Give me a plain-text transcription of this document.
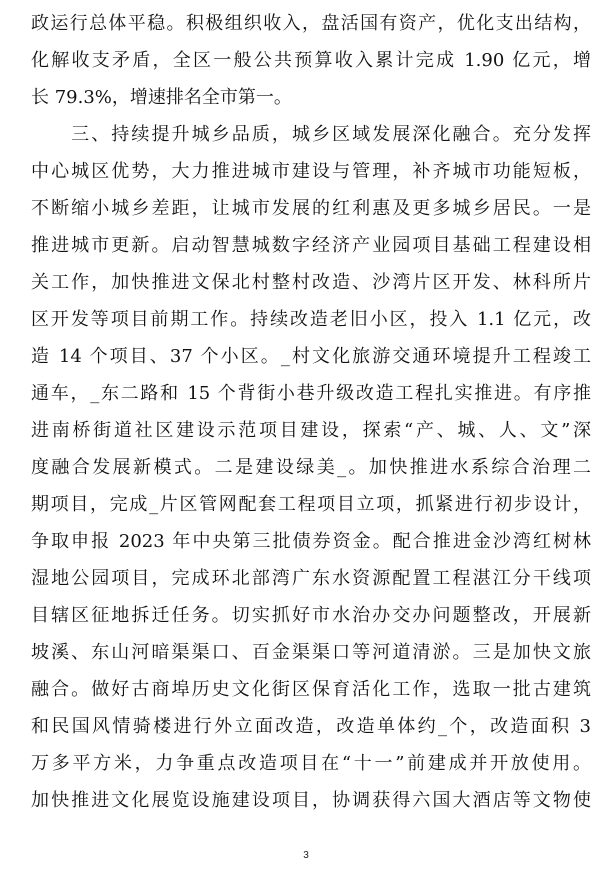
政运行总体平稳。积极组织收入，盘活国有资产，优化支出结构，
化解收支矛盾，全区一般公共预算收入累计完成 1.90 亿元，增
长 79.3%，增速排名全市第一。
　　三、持续提升城乡品质，城乡区域发展深化融合。充分发挥
中心城区优势，大力推进城市建设与管理，补齐城市功能短板，
不断缩小城乡差距，让城市发展的红利惠及更多城乡居民。一是
推进城市更新。启动智慧城数字经济产业园项目基础工程建设相
关工作，加快推进文保北村整村改造、沙湾片区开发、林科所片
区开发等项目前期工作。持续改造老旧小区，投入 1.1 亿元，改
造 14 个项目、37 个小区。_村文化旅游交通环境提升工程竣工
通车，_东二路和 15 个背街小巷升级改造工程扎实推进。有序推
进南桥街道社区建设示范项目建设，探索“产、城、人、文”深
度融合发展新模式。二是建设绿美_。加快推进水系综合治理二
期项目，完成_片区管网配套工程项目立项，抓紧进行初步设计，
争取申报 2023 年中央第三批债券资金。配合推进金沙湾红树林
湿地公园项目，完成环北部湾广东水资源配置工程湛江分干线项
目辖区征地拆迁任务。切实抓好市水治办交办问题整改，开展新
坡溪、东山河暗渠渠口、百金渠渠口等河道清淤。三是加快文旅
融合。做好古商埠历史文化街区保育活化工作，选取一批古建筑
和民国风情骑楼进行外立面改造，改造单体约_个，改造面积 3
万多平方米，力争重点改造项目在“十一”前建成并开放使用。
加快推进文化展览设施建设项目，协调获得六国大酒店等文物使
3
